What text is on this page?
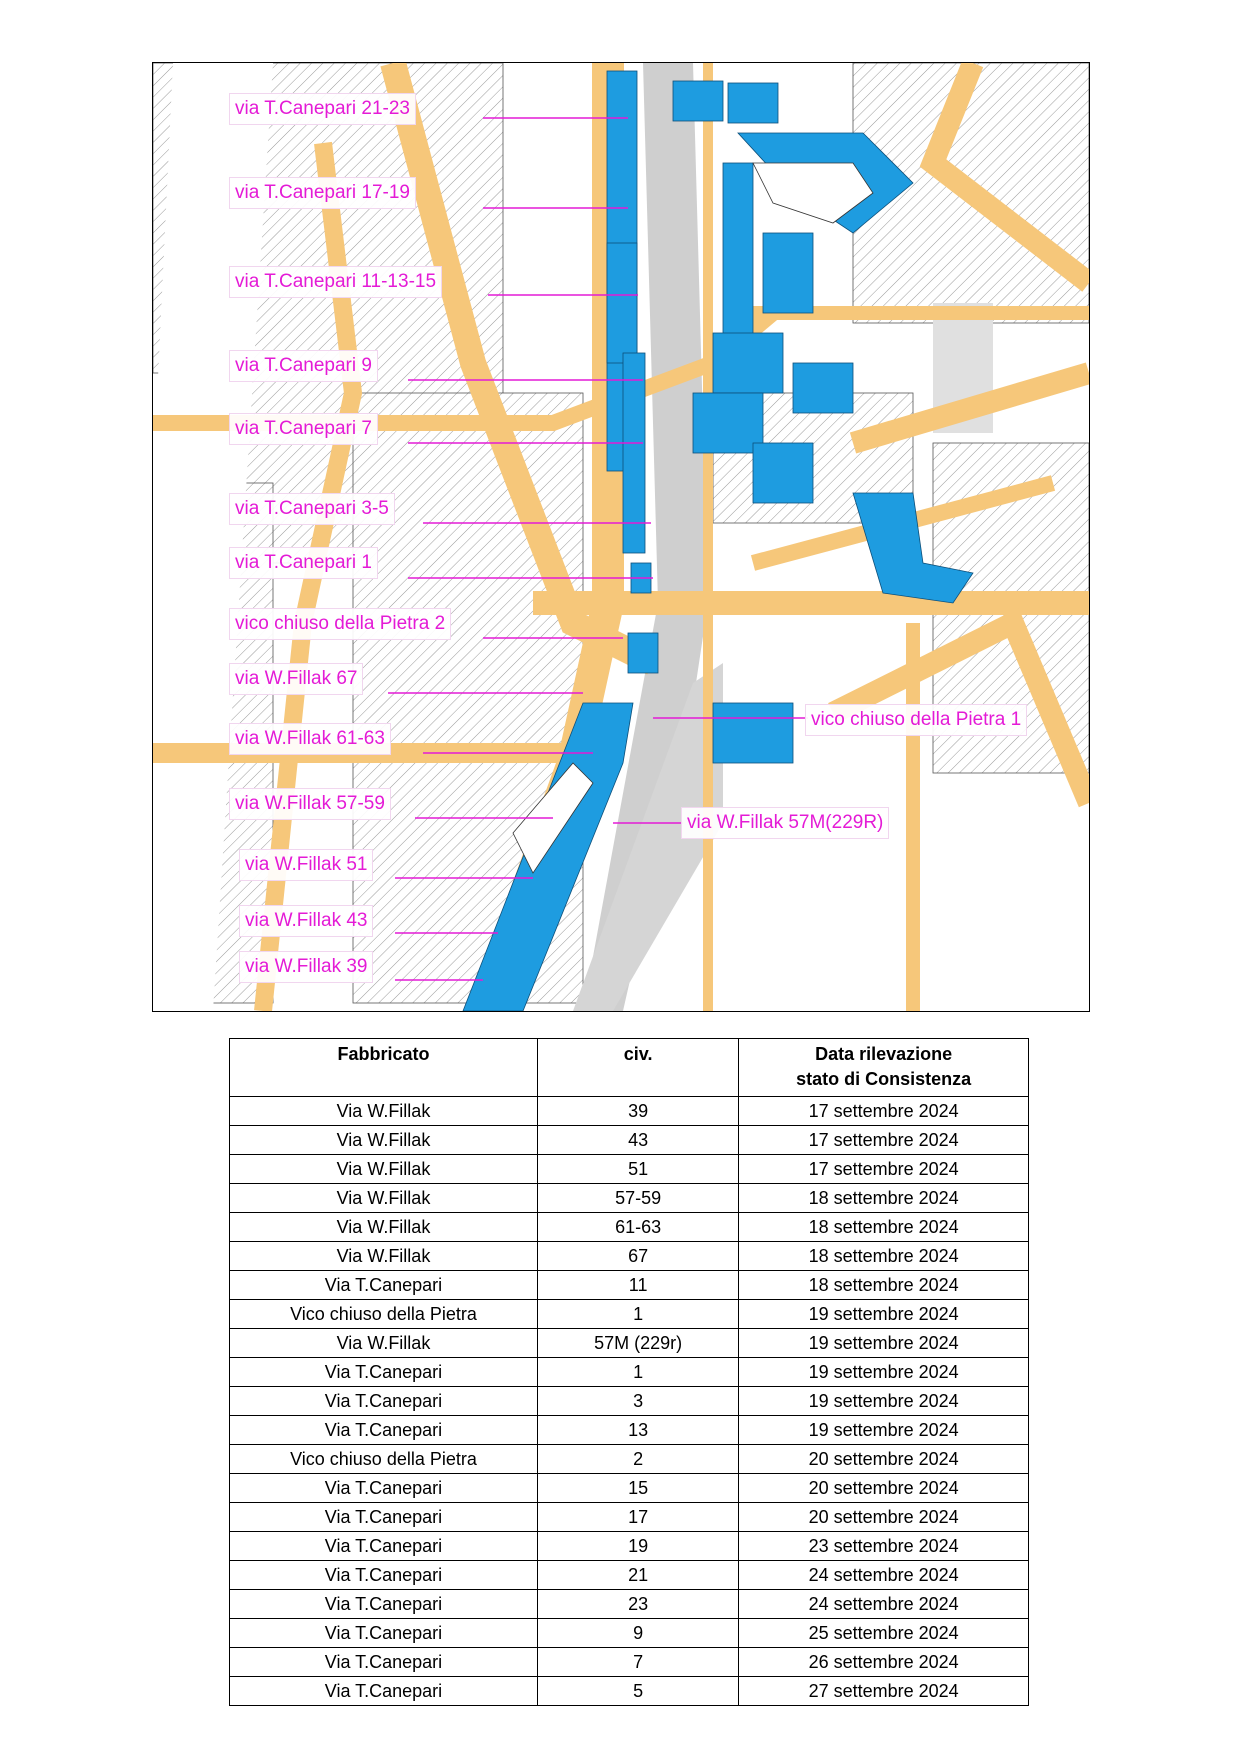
via T.Canepari 21-23
via T.Canepari 17-19
via T.Canepari 11-13-15
via T.Canepari 9
via T.Canepari 7
via T.Canepari 3-5
via T.Canepari 1
vico chiuso della Pietra 2
via W.Fillak 67
via W.Fillak 61-63
via W.Fillak 57-59
via W.Fillak 51
via W.Fillak 43
via W.Fillak 39
vico chiuso della Pietra 1
via W.Fillak 57M(229R)
Fabbricato	civ.	Data rilevazione
stato di Consistenza
Via W.Fillak	39	17 settembre 2024
Via W.Fillak	43	17 settembre 2024
Via W.Fillak	51	17 settembre 2024
Via W.Fillak	57-59	18 settembre 2024
Via W.Fillak	61-63	18 settembre 2024
Via W.Fillak	67	18 settembre 2024
Via T.Canepari	11	18 settembre 2024
Vico chiuso della Pietra	1	19 settembre 2024
Via W.Fillak	57M (229r)	19 settembre 2024
Via T.Canepari	1	19 settembre 2024
Via T.Canepari	3	19 settembre 2024
Via T.Canepari	13	19 settembre 2024
Vico chiuso della Pietra	2	20 settembre 2024
Via T.Canepari	15	20 settembre 2024
Via T.Canepari	17	20 settembre 2024
Via T.Canepari	19	23 settembre 2024
Via T.Canepari	21	24 settembre 2024
Via T.Canepari	23	24 settembre 2024
Via T.Canepari	9	25 settembre 2024
Via T.Canepari	7	26 settembre 2024
Via T.Canepari	5	27 settembre 2024
